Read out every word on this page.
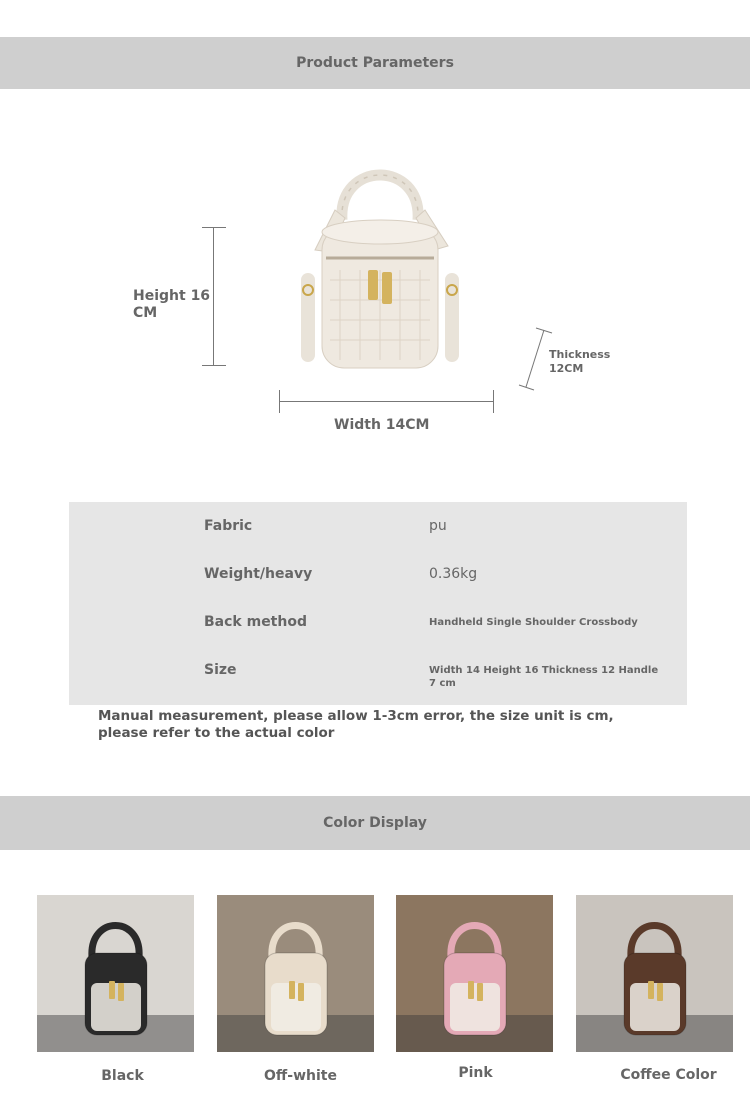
Product Parameters
Height 16 CM
Width 14CM
Thickness 12CM
Fabric	pu
Weight/heavy	0.36kg
Back method	Handheld Single Shoulder Crossbody
Size	Width 14 Height 16 Thickness 12 Handle 7 cm
Manual measurement, please allow 1-3cm error, the size unit is cm, please refer to the actual color
Color Display
Black	Off-white	Pink	Coffee Color
